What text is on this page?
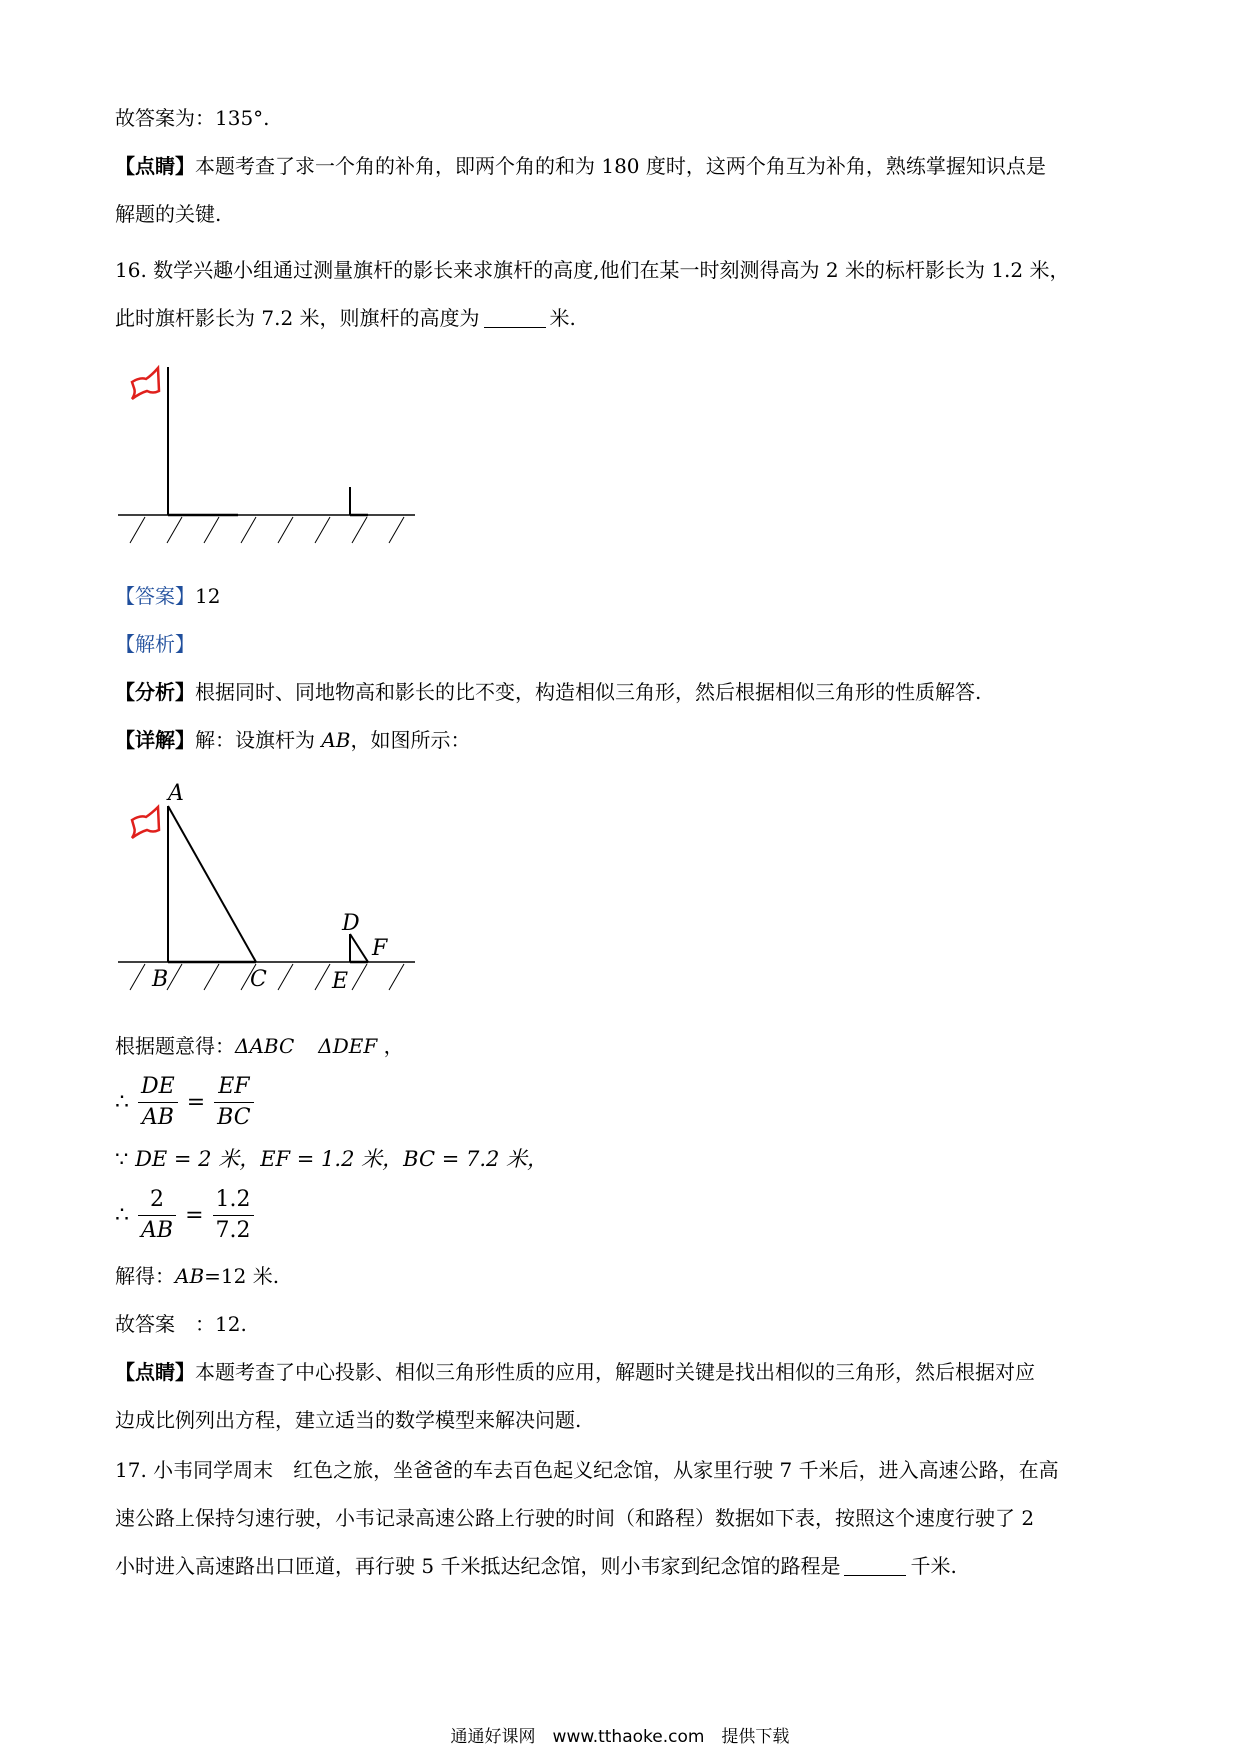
故答案为：135°.
【点睛】本题考查了求一个角的补角，即两个角的和为 180 度时，这两个角互为补角，熟练掌握知识点是
解题的关键.
16. 数学兴趣小组通过测量旗杆的影长来求旗杆的高度,他们在某一时刻测得高为 2 米的标杆影长为 1.2 米，
此时旗杆影长为 7.2 米，则旗杆的高度为	米.
【答案】12
【解析】
【分析】根据同时、同地物高和影长的比不变，构造相似三角形，然后根据相似三角形的性质解答.
【详解】解：设旗杆为 AB，如图所示：
A
B	C
D
E
F
根据题意得：ΔABC ΔDEF ，
∴ $\frac{DE}{AB} = \frac{EF}{BC}$
∵ DE = 2 米，EF = 1.2 米，BC = 7.2 米，
∴ $\frac{2}{AB} = \frac{1.2}{7.2}$
解得：AB=12 米.
故答案　：12.
【点睛】本题考查了中心投影、相似三角形性质的应用，解题时关键是找出相似的三角形，然后根据对应
边成比例列出方程，建立适当的数学模型来解决问题.
17. 小韦同学周末　红色之旅，坐爸爸的车去百色起义纪念馆，从家里行驶 7 千米后，进入高速公路，在高
速公路上保持匀速行驶，小韦记录高速公路上行驶的时间（和路程）数据如下表，按照这个速度行驶了 2
小时进入高速路出口匝道，再行驶 5 千米抵达纪念馆，则小韦家到纪念馆的路程是	千米.
通通好课网　www.tthaoke.com　提供下载
